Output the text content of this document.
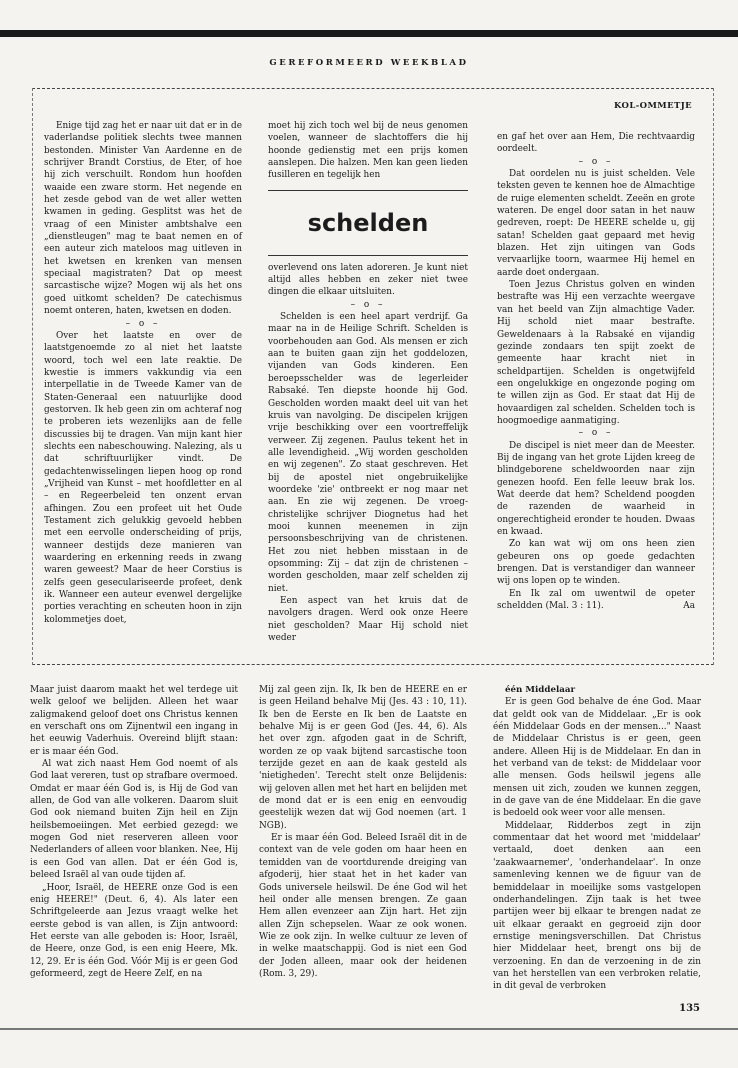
GEREFORMEERD WEEKBLAD
KOL-OMMETJE

Enige tijd zag het er naar uit dat er in de vaderlandse politiek slechts twee mannen bestonden. Minister Van Aardenne en de schrijver Brandt Corstius, de Eter, of hoe hij zich verschuilt. Rondom hun hoofden waaide een zware storm. Het negende en het zesde gebod van de wet aller wetten kwamen in geding. Gesplitst was het de vraag of een Minister ambtshalve een „dienstleugen" mag te baat nemen en of een auteur zich mateloos mag uitleven in het kwetsen en krenken van mensen speciaal magistraten? Dat op meest sarcastische wijze? Mogen wij als het ons goed uitkomt schelden? De catechismus noemt onteren, haten, kwetsen en doden.

– o –

Over het laatste en over de laatstgenoemde zo al niet het laatste woord, toch wel een late reaktie. De kwestie is immers vakkundig via een interpellatie in de Tweede Kamer van de Staten-Generaal een natuurlijke dood gestorven. Ik heb geen zin om achteraf nog te proberen iets wezenlijks aan de felle discussies bij te dragen. Van mijn kant hier slechts een nabeschouwing. Nalezing, als u dat schriftuurlijker vindt. De gedachtenwisselingen liepen hoog op rond „Vrijheid van Kunst – met hoofdletter en al – en Regeerbeleid ten onzent ervan afhingen. Zou een profeet uit het Oude Testament zich gelukkig gevoeld hebben met een eervolle onderscheiding of prijs, wanneer destijds deze manieren van waardering en erkenning reeds in zwang waren geweest? Maar de heer Corstius is zelfs geen geseculariseerde profeet, denk ik. Wanneer een auteur evenwel dergelijke porties verachting en scheuten hoon in zijn kolommetjes doet,

moet hij zich toch wel bij de neus genomen voelen, wanneer de slachtoffers die hij hoonde gedienstig met een prijs komen aanslepen. Die halzen. Men kan geen lieden fusilleren en tegelijk hen

schelden

overlevend ons laten adoreren. Je kunt niet altijd alles hebben en zeker niet twee dingen die elkaar uitsluiten.

– o –

Schelden is een heel apart verdrijf. Ga maar na in de Heilige Schrift. Schelden is voorbehouden aan God. Als mensen er zich aan te buiten gaan zijn het goddelozen, vijanden van Gods kinderen. Een beroepsschelder was de legerleider Rabsaké. Ten diepste hoonde hij God. Gescholden worden maakt deel uit van het kruis van navolging. De discipelen krijgen vrije beschikking over een voortreffelijk verweer. Zij zegenen. Paulus tekent het in alle levendigheid. „Wij worden gescholden en wij zegenen". Zo staat geschreven. Het bij de apostel niet ongebruikelijke woordeke 'zie' ontbreekt er nog maar net aan. En zie wij zegenen. De vroeg-christelijke schrijver Diognetus had het mooi kunnen meenemen in zijn persoonsbeschrijving van de christenen. Het zou niet hebben misstaan in de opsomming: Zij – dat zijn de christenen – worden gescholden, maar zelf schelden zij niet.

Een aspect van het kruis dat de navolgers dragen. Werd ook onze Heere niet gescholden? Maar Hij schold niet weder

en gaf het over aan Hem, Die rechtvaardig oordeelt.

– o –

Dat oordelen nu is juist schelden. Vele teksten geven te kennen hoe de Almachtige de ruige elementen scheldt. Zeeën en grote wateren. De engel door satan in het nauw gedreven, roept: De HEERE schelde u, gij satan! Schelden gaat gepaard met hevig blazen. Het zijn uitingen van Gods vervaarlijke toorn, waarmee Hij hemel en aarde doet ondergaan.

Toen Jezus Christus golven en winden bestrafte was Hij een verzachte weergave van het beeld van Zijn almachtige Vader. Hij schold niet maar bestrafte. Geweldenaars à la Rabsaké en vijandig gezinde zondaars ten spijt zoekt de gemeente haar kracht niet in scheldpartijen. Schelden is ongetwijfeld een ongelukkige en ongezonde poging om te willen zijn as God. Er staat dat Hij de hovaardigen zal schelden. Schelden toch is hoogmoedige aanmatiging.

– o –

De discipel is niet meer dan de Meester. Bij de ingang van het grote Lijden kreeg de blindgeborene scheldwoorden naar zijn genezen hoofd. Een felle leeuw brak los. Wat deerde dat hem? Scheldend poogden de razenden de waarheid in ongerechtigheid eronder te houden. Dwaas en kwaad.

Zo kan wat wij om ons heen zien gebeuren ons op goede gedachten brengen. Dat is verstandiger dan wanneer wij ons lopen op te winden.

En Ik zal om uwentwil de opeter scheldden (Mal. 3 : 11).	Aa

Maar juist daarom maakt het wel terdege uit welk geloof we belijden. Alleen het waar zaligmakend geloof doet ons Christus kennen en verschaft ons om Zijnentwil een ingang in het eeuwig Vaderhuis. Overeind blijft staan: er is maar één God.

Al wat zich naast Hem God noemt of als God laat vereren, tust op strafbare overmoed. Omdat er maar één God is, is Hij de God van allen, de God van alle volkeren. Daarom sluit God ook niemand buiten Zijn heil en Zijn heilsbemoeiingen. Met eerbied gezegd: we mogen God niet reserveren alleen voor Nederlanders of alleen voor blanken. Nee, Hij is een God van allen. Dat er één God is, beleed Israël al van oude tijden af.

„Hoor, Israël, de HEERE onze God is een enig HEERE!" (Deut. 6, 4). Als later een Schriftgeleerde aan Jezus vraagt welke het eerste gebod is van allen, is Zijn antwoord: Het eerste van alle geboden is: Hoor, Israël, de Heere, onze God, is een enig Heere, Mk. 12, 29. Er is één God. Vóór Mij is er geen God geformeerd, zegt de Heere Zelf, en na

Mij zal geen zijn. Ik, Ik ben de HEERE en er is geen Heiland behalve Mij (Jes. 43 : 10, 11). Ik ben de Eerste en Ik ben de Laatste en behalve Mij is er geen God (Jes. 44, 6). Als het over zgn. afgoden gaat in de Schrift, worden ze op vaak bijtend sarcastische toon terzijde gezet en aan de kaak gesteld als 'nietigheden'. Terecht stelt onze Belijdenis: wij geloven allen met het hart en belijden met de mond dat er is een enig en eenvoudig geestelijk wezen dat wij God noemen (art. 1 NGB).

Er is maar één God. Beleed Israël dit in de context van de vele goden om haar heen en temidden van de voortdurende dreiging van afgoderij, hier staat het in het kader van Gods universele heilswil. De éne God wil het heil onder alle mensen brengen. Ze gaan Hem allen evenzeer aan Zijn hart. Het zijn allen Zijn schepselen. Waar ze ook wonen. Wie ze ook zijn. In welke cultuur ze leven of in welke maatschappij. God is niet een God der Joden alleen, maar ook der heidenen (Rom. 3, 29).

één Middelaar

Er is geen God behalve de éne God. Maar dat geldt ook van de Middelaar. „Er is ook één Middelaar Gods en der mensen..." Naast de Middelaar Christus is er geen, geen andere. Alleen Hij is de Middelaar. En dan in het verband van de tekst: de Middelaar voor alle mensen. Gods heilswil jegens alle mensen uit zich, zouden we kunnen zeggen, in de gave van de éne Middelaar. En die gave is bedoeld ook weer voor alle mensen.

Middelaar, Ridderbos zegt in zijn commentaar dat het woord met 'middelaar' vertaald, doet denken aan een 'zaakwaarnemer', 'onderhandelaar'. In onze samenleving kennen we de figuur van de bemiddelaar in moeilijke soms vastgelopen onderhandelingen. Zijn taak is het twee partijen weer bij elkaar te brengen nadat ze uit elkaar geraakt en gegroeid zijn door ernstige meningsverschillen. Dat Christus hier Middelaar heet, brengt ons bij de verzoening. En dan de verzoening in de zin van het herstellen van een verbroken relatie, in dit geval de verbroken

135
